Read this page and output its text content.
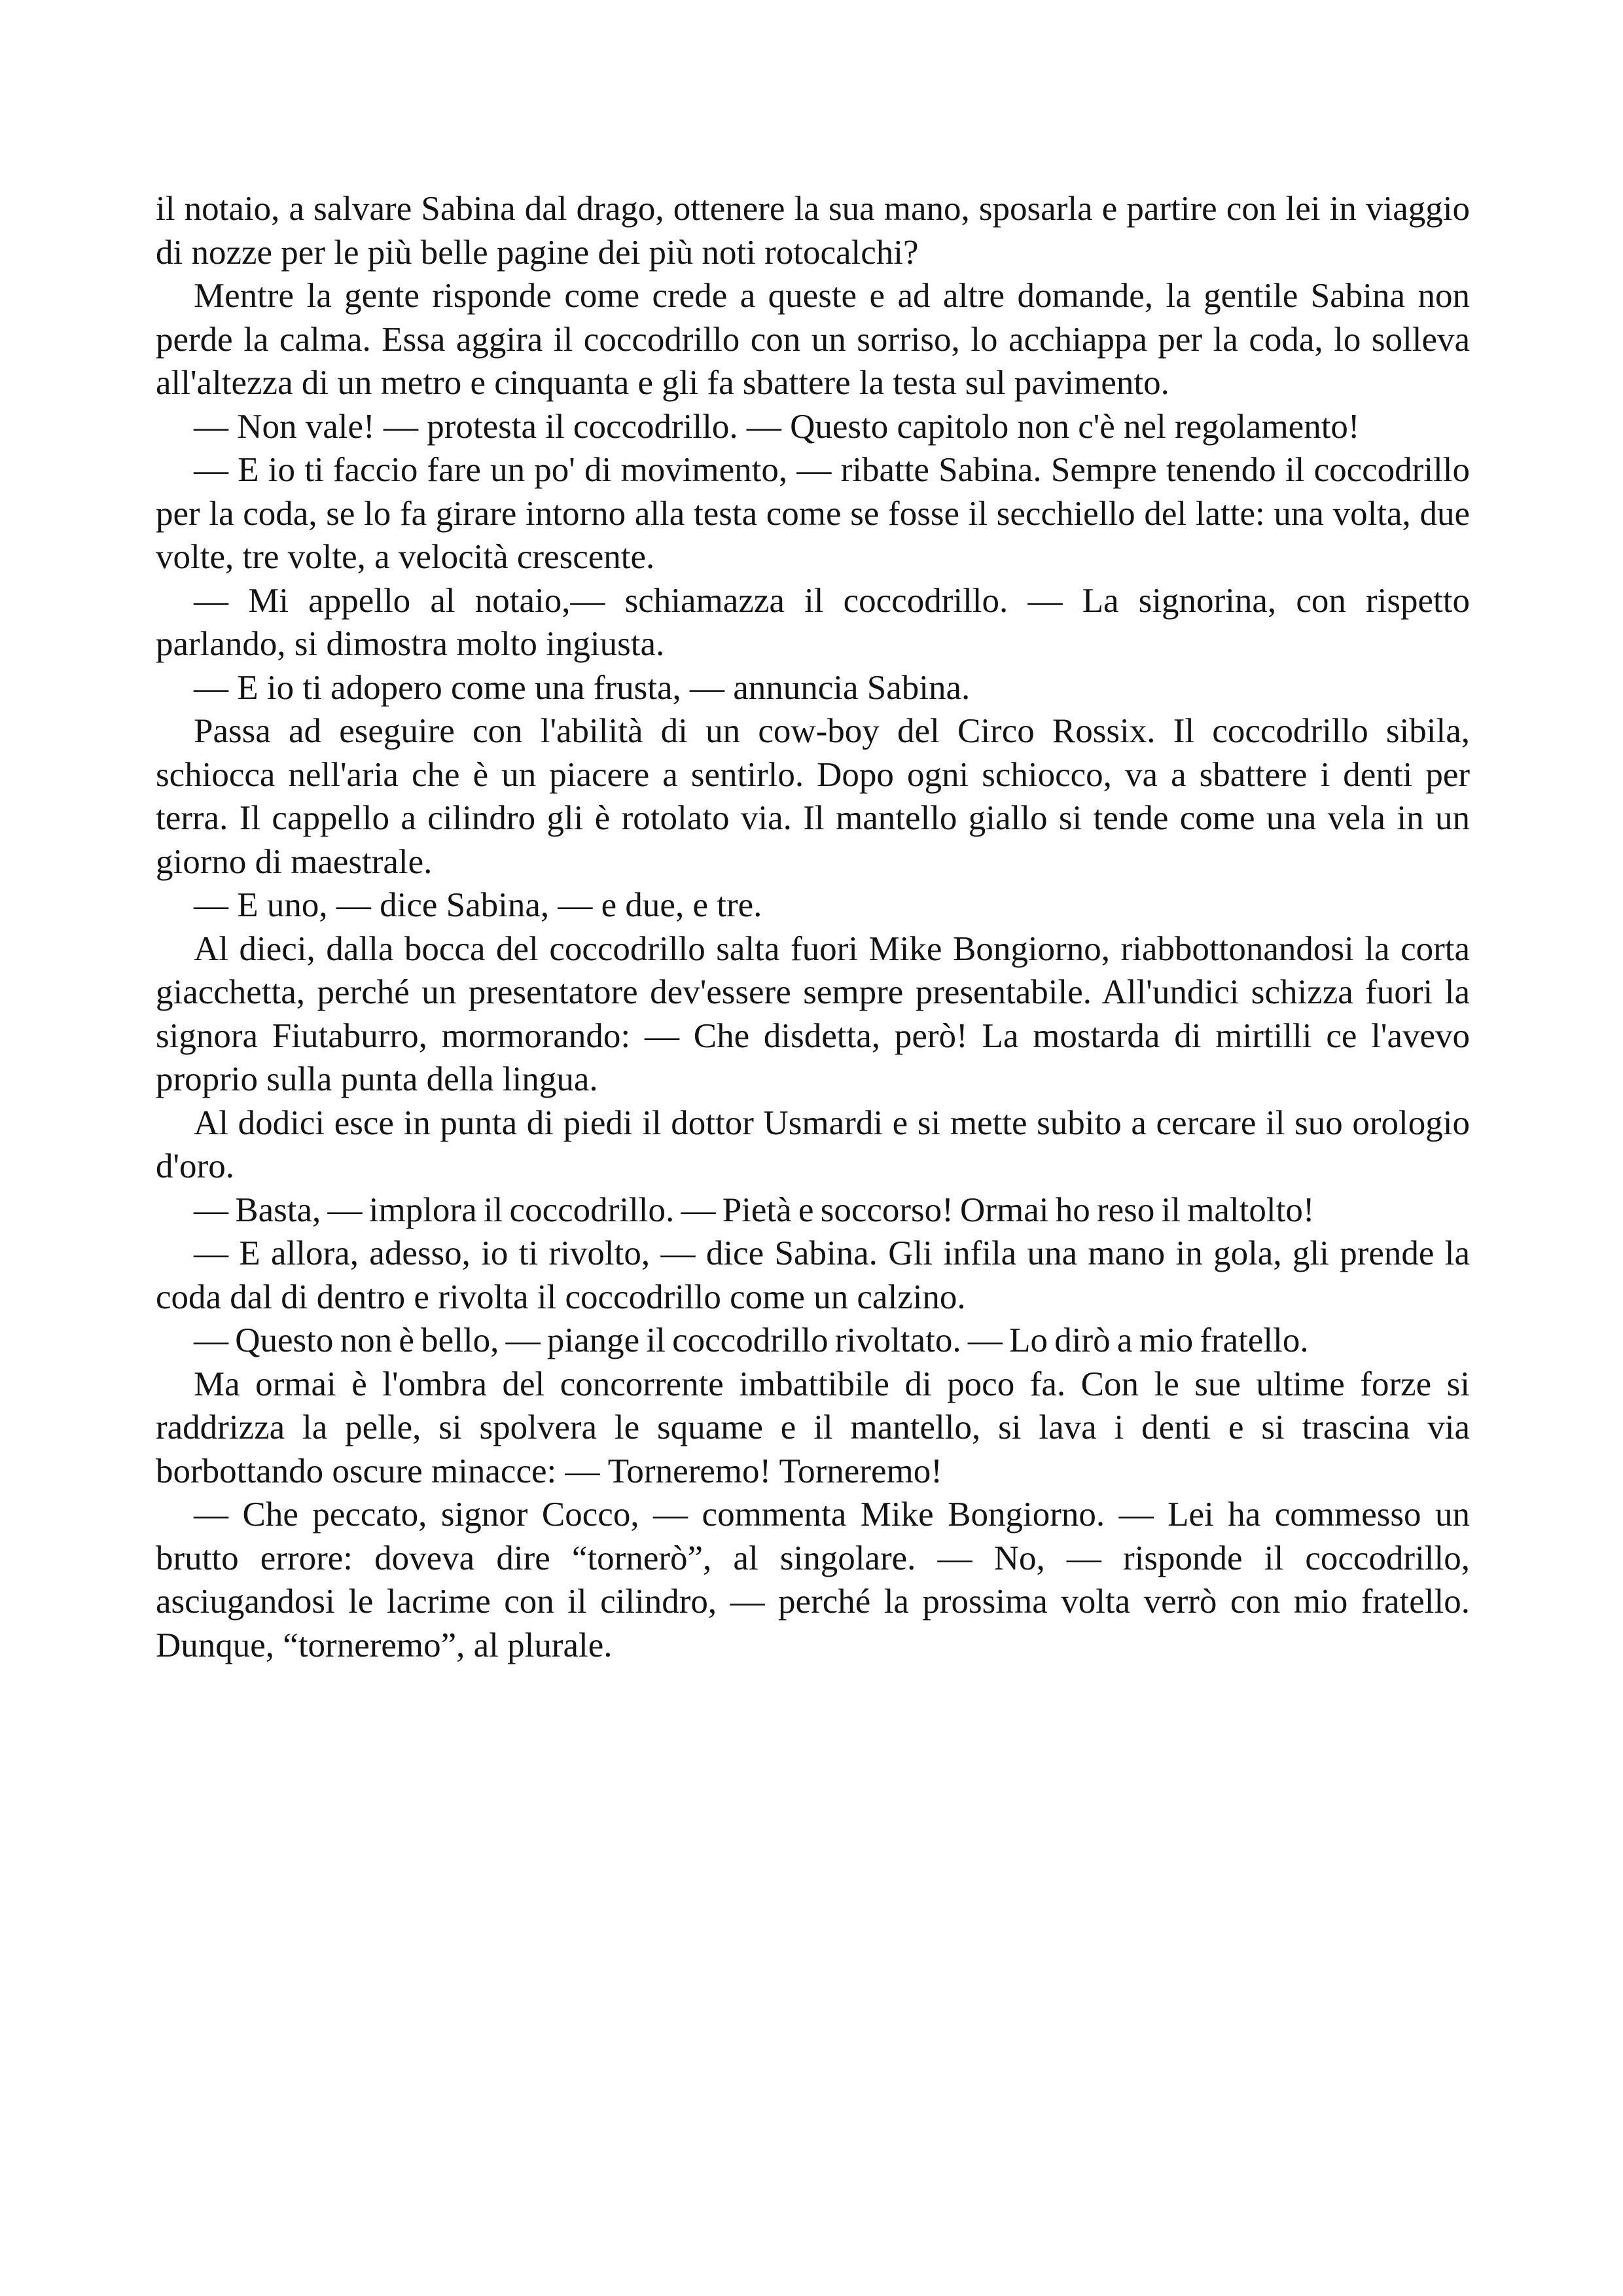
il notaio, a salvare Sabina dal drago, ottenere la sua mano, sposarla e partire con lei in viaggio di nozze per le più belle pagine dei più noti rotocalchi?

Mentre la gente risponde come crede a queste e ad altre domande, la gentile Sabina non perde la calma. Essa aggira il coccodrillo con un sorriso, lo acchiappa per la coda, lo solleva all'altezza di un metro e cinquanta e gli fa sbattere la testa sul pavimento.

— Non vale! — protesta il coccodrillo. — Questo capitolo non c'è nel regolamento!

— E io ti faccio fare un po' di movimento, — ribatte Sabina. Sempre tenendo il coccodrillo per la coda, se lo fa girare intorno alla testa come se fosse il secchiello del latte: una volta, due volte, tre volte, a velocità crescente.

— Mi appello al notaio,— schiamazza il coccodrillo. — La signorina, con rispetto parlando, si dimostra molto ingiusta.

— E io ti adopero come una frusta, — annuncia Sabina.

Passa ad eseguire con l'abilità di un cow-boy del Circo Rossix. Il coccodrillo sibila, schiocca nell'aria che è un piacere a sentirlo. Dopo ogni schiocco, va a sbattere i denti per terra. Il cappello a cilindro gli è rotolato via. Il mantello giallo si tende come una vela in un giorno di maestrale.

— E uno, — dice Sabina, — e due, e tre.

Al dieci, dalla bocca del coccodrillo salta fuori Mike Bongiorno, riabbottonandosi la corta giacchetta, perché un presentatore dev'essere sempre presentabile. All'undici schizza fuori la signora Fiutaburro, mormorando: — Che disdetta, però! La mostarda di mirtilli ce l'avevo proprio sulla punta della lingua.

Al dodici esce in punta di piedi il dottor Usmardi e si mette subito a cercare il suo orologio d'oro.

— Basta, — implora il coccodrillo. — Pietà e soccorso! Ormai ho reso il maltolto!

— E allora, adesso, io ti rivolto, — dice Sabina. Gli infila una mano in gola, gli prende la coda dal di dentro e rivolta il coccodrillo come un calzino.

— Questo non è bello, — piange il coccodrillo rivoltato. — Lo dirò a mio fratello.

Ma ormai è l'ombra del concorrente imbattibile di poco fa. Con le sue ultime forze si raddrizza la pelle, si spolvera le squame e il mantello, si lava i denti e si trascina via borbottando oscure minacce: — Torneremo! Torneremo!

— Che peccato, signor Cocco, — commenta Mike Bongiorno. — Lei ha commesso un brutto errore: doveva dire “tornerò”, al singolare. — No, — risponde il coccodrillo, asciugandosi le lacrime con il cilindro, — perché la prossima volta verrò con mio fratello. Dunque, “torneremo”, al plurale.
